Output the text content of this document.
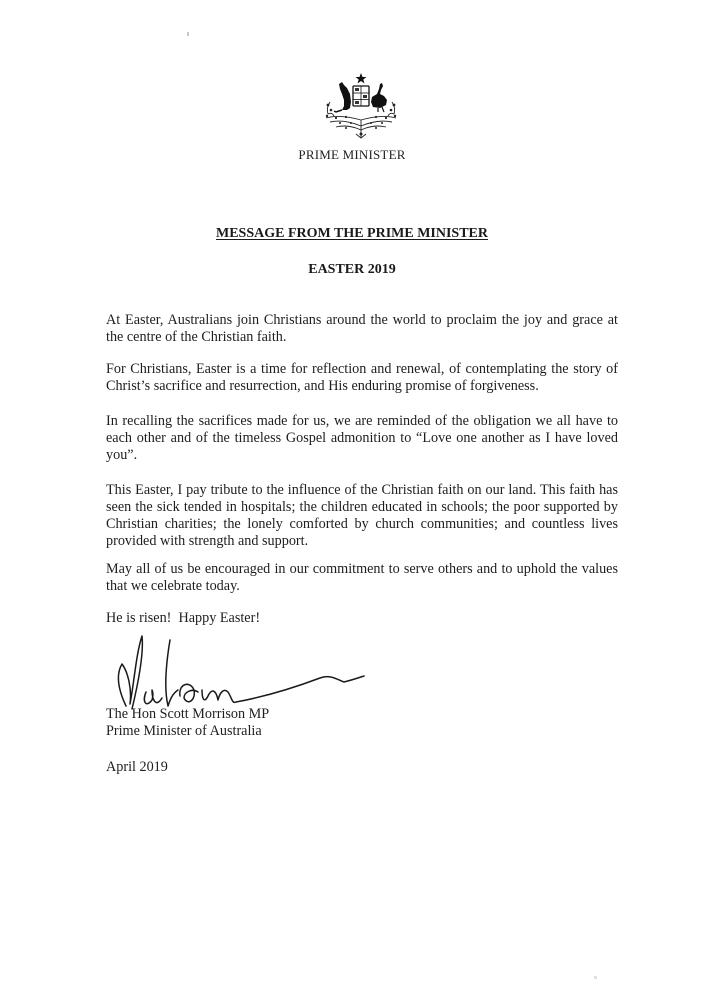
PRIME MINISTER
MESSAGE FROM THE PRIME MINISTER
EASTER 2019
At Easter, Australians join Christians around the world to proclaim the joy and grace at the centre of the Christian faith.
For Christians, Easter is a time for reflection and renewal, of contemplating the story of Christ’s sacrifice and resurrection, and His enduring promise of forgiveness.
In recalling the sacrifices made for us, we are reminded of the obligation we all have to each other and of the timeless Gospel admonition to “Love one another as I have loved you”.
This Easter, I pay tribute to the influence of the Christian faith on our land. This faith has seen the sick tended in hospitals; the children educated in schools; the poor supported by Christian charities; the lonely comforted by church communities; and countless lives provided with strength and support.
May all of us be encouraged in our commitment to serve others and to uphold the values that we celebrate today.
He is risen!  Happy Easter!
The Hon Scott Morrison MP
Prime Minister of Australia
April 2019
